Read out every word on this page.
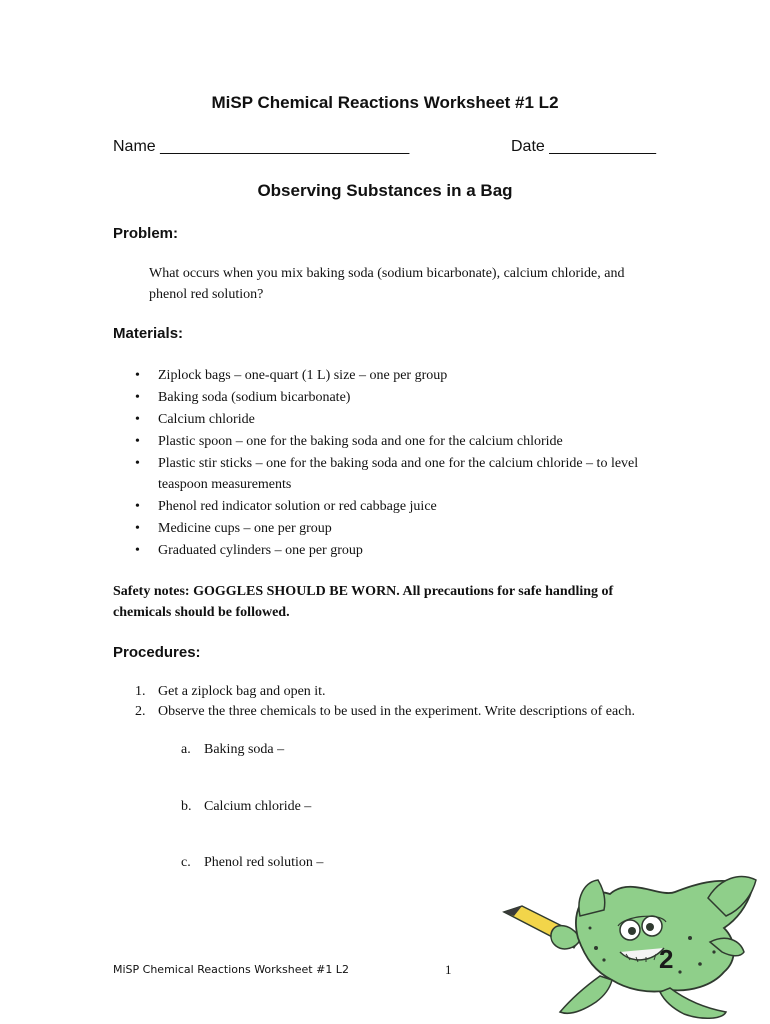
MiSP Chemical Reactions Worksheet #1 L2
Name ____________________________	Date ____________
Observing Substances in a Bag
Problem:
What occurs when you mix baking soda (sodium bicarbonate), calcium chloride, and phenol red solution?
Materials:
• Ziplock bags – one-quart (1 L) size – one per group
• Baking soda (sodium bicarbonate)
• Calcium chloride
• Plastic spoon – one for the baking soda and one for the calcium chloride
• Plastic stir sticks – one for the baking soda and one for the calcium chloride – to level teaspoon measurements
• Phenol red indicator solution or red cabbage juice
• Medicine cups – one per group
• Graduated cylinders – one per group
Safety notes: GOGGLES SHOULD BE WORN. All precautions for safe handling of chemicals should be followed.
Procedures:
1. Get a ziplock bag and open it.
2. Observe the three chemicals to be used in the experiment. Write descriptions of each.
a. Baking soda –
b. Calcium chloride –
c. Phenol red solution –
MiSP Chemical Reactions Worksheet #1 L2	1	2
